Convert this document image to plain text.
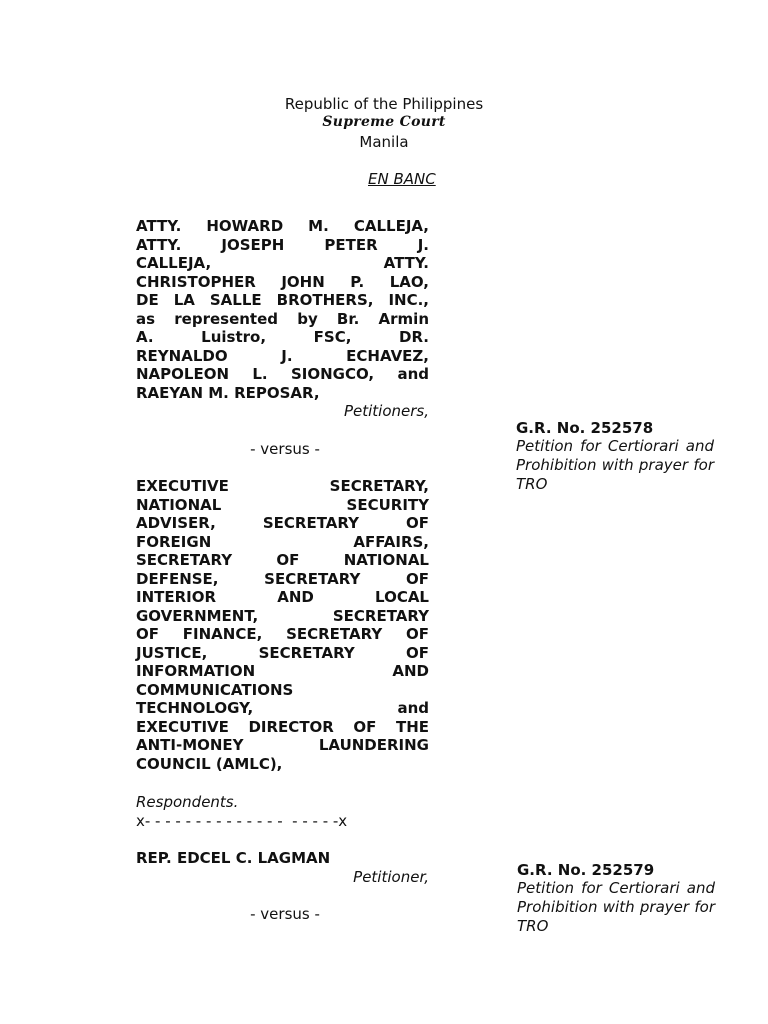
Republic of the Philippines
Supreme Court
Manila
EN BANC
ATTY. HOWARD M. CALLEJA,
ATTY. JOSEPH PETER J.
CALLEJA, ATTY.
CHRISTOPHER JOHN P. LAO,
DE LA SALLE BROTHERS, INC.,
as represented by Br. Armin
A. Luistro, FSC, DR.
REYNALDO J. ECHAVEZ,
NAPOLEON L. SIONGCO, and
RAEYAN M. REPOSAR,
Petitioners,
- versus -
EXECUTIVE SECRETARY,
NATIONAL SECURITY
ADVISER, SECRETARY OF
FOREIGN AFFAIRS,
SECRETARY OF NATIONAL
DEFENSE, SECRETARY OF
INTERIOR AND LOCAL
GOVERNMENT, SECRETARY
OF FINANCE, SECRETARY OF
JUSTICE, SECRETARY OF
INFORMATION AND
COMMUNICATIONS
TECHNOLOGY, and
EXECUTIVE DIRECTOR OF THE
ANTI-MONEY LAUNDERING
COUNCIL (AMLC),
Respondents.
x- - - - - - - - - - - - - -  - - - - -x
G.R. No. 252578
Petition for Certiorari and Prohibition with prayer for TRO
REP. EDCEL C. LAGMAN
Petitioner,
- versus -
G.R. No. 252579
Petition for Certiorari and Prohibition with prayer for TRO
